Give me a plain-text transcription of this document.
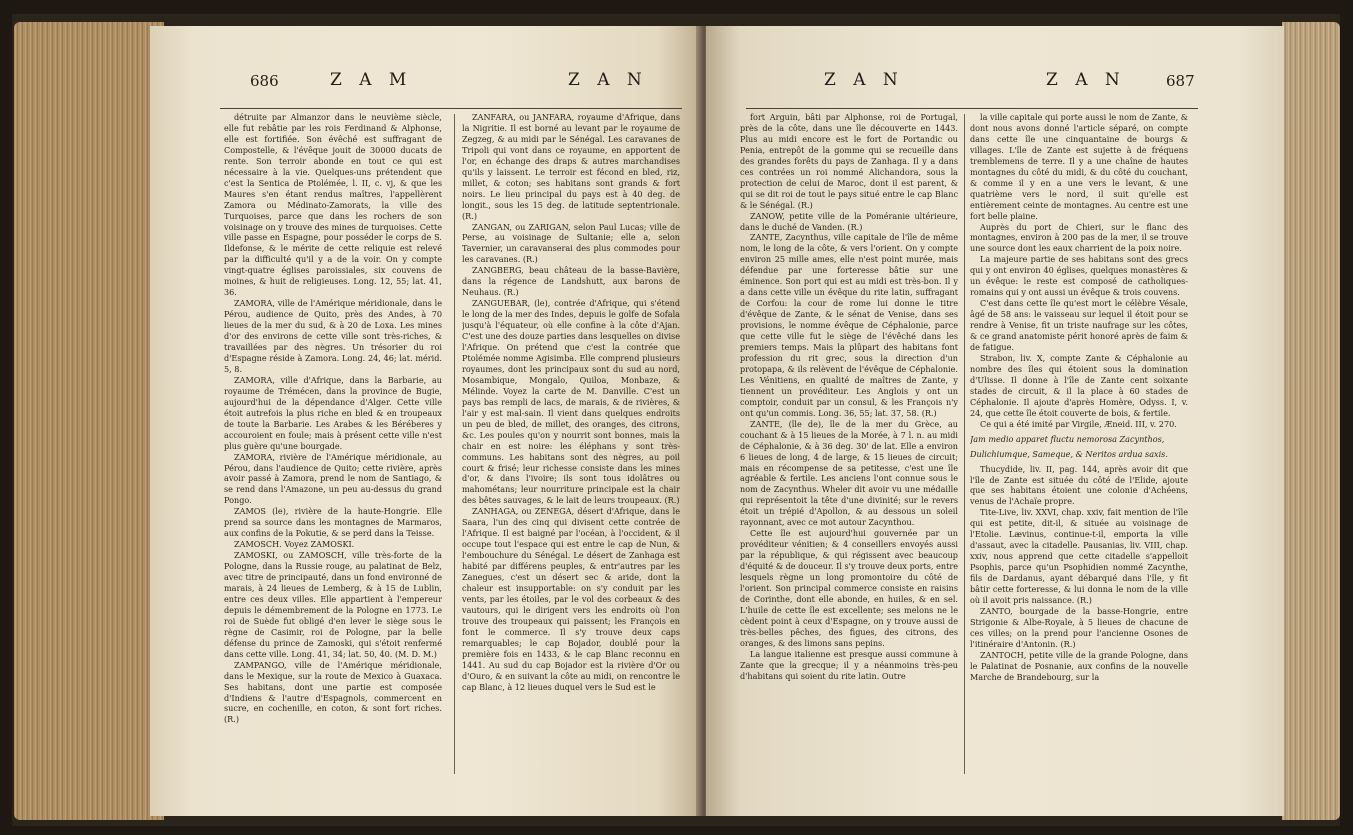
686	Z A M	Z A N

détruite par Almanzor dans le neuvième siècle, elle fut rebâtie par les rois Ferdinand & Alphonse, elle est fortifiée. Son évêché est suffragant de Compostelle, & l'évêque jouit de 30000 ducats de rente. Son terroir abonde en tout ce qui est nécessaire à la vie. Quelques-uns prétendent que c'est la Sentica de Ptolémée, l. II, c. vj, & que les Maures s'en étant rendus maîtres, l'appellèrent Zamora ou Médinato-Zamorats, la ville des Turquoises, parce que dans les rochers de son voisinage on y trouve des mines de turquoises. Cette ville passe en Espagne, pour posséder le corps de S. Ildefonse, & le mérite de cette reliquie est relevé par la difficulté qu'il y a de la voir. On y compte vingt-quatre églises paroissiales, six couvens de moines, & huit de religieuses. Long. 12, 55; lat. 41, 36.

ZAMORA, ville de l'Amérique méridionale, dans le Pérou, audience de Quito, près des Andes, à 70 lieues de la mer du sud, & à 20 de Loxa. Les mines d'or des environs de cette ville sont très-riches, & travaillées par des nègres. Un trésorier du roi d'Espagne réside à Zamora. Long. 24, 46; lat. mérid. 5, 8.

ZAMORA, ville d'Afrique, dans la Barbarie, au royaume de Trémécen, dans la province de Bugie, aujourd'hui de la dépendance d'Alger. Cette ville étoit autrefois la plus riche en bled & en troupeaux de toute la Barbarie. Les Arabes & les Béréberes y accouroient en foule; mais à présent cette ville n'est plus guère qu'une bourgade.

ZAMORA, rivière de l'Amérique méridionale, au Pérou, dans l'audience de Quito; cette rivière, après avoir passé à Zamora, prend le nom de Santiago, & se rend dans l'Amazone, un peu au-dessus du grand Pongo.

ZAMOS (le), rivière de la haute-Hongrie. Elle prend sa source dans les montagnes de Marmaros, aux confins de la Pokutie, & se perd dans la Teisse.

ZAMOSCH. Voyez ZAMOSKI.

ZAMOSKI, ou ZAMOSCH, ville très-forte de la Pologne, dans la Russie rouge, au palatinat de Belz, avec titre de principauté, dans un fond environné de marais, à 24 lieues de Lemberg, & à 15 de Lublin, entre ces deux villes. Elle appartient à l'empereur depuis le démembrement de la Pologne en 1773. Le roi de Suède fut obligé d'en lever le siège sous le règne de Casimir, roi de Pologne, par la belle défense du prince de Zamoski, qui s'étoit renfermé dans cette ville. Long. 41, 34; lat. 50, 40. (M. D. M.)

ZAMPANGO, ville de l'Amérique méridionale, dans le Mexique, sur la route de Mexico à Guaxaca. Ses habitans, dont une partie est composée d'Indiens & l'autre d'Espagnols, commercent en sucre, en cochenille, en coton, & sont fort riches. (R.)

ZANFARA, ou JANFARA, royaume d'Afrique, dans la Nigritie. Il est borné au levant par le royaume de Zegzeg, & au midi par le Sénégal. Les caravanes de Tripoli qui vont dans ce royaume, en apportent de l'or, en échange des draps & autres marchandises qu'ils y laissent. Le terroir est fécond en bled, riz, millet, & coton; ses habitans sont grands & fort noirs. Le lieu principal du pays est à 40 deg. de longit., sous les 15 deg. de latitude septentrionale. (R.)

ZANGAN, ou ZARIGAN, selon Paul Lucas; ville de Perse, au voisinage de Sultanie; elle a, selon Tavernier, un caravanserai des plus commodes pour les caravanes. (R.)

ZANGBERG, beau château de la basse-Bavière, dans la régence de Landshutt, aux barons de Neuhaus. (R.)

ZANGUEBAR, (le), contrée d'Afrique, qui s'étend le long de la mer des Indes, depuis le golfe de Sofala jusqu'à l'équateur, où elle confine à la côte d'Ajan. C'est une des douze parties dans lesquelles on divise l'Afrique. On prétend que c'est la contrée que Ptolémée nomme Agisimba. Elle comprend plusieurs royaumes, dont les principaux sont du sud au nord, Mosambique, Mongalo, Quiloa, Monbaze, & Mélinde. Voyez la carte de M. Danville. C'est un pays bas rempli de lacs, de marais, & de rivières, & l'air y est mal-sain. Il vient dans quelques endroits un peu de bled, de millet, des oranges, des citrons, &c. Les poules qu'on y nourrit sont bonnes, mais la chair en est noire: les éléphans y sont très-communs. Les habitans sont des nègres, au poil court & frisé; leur richesse consiste dans les mines d'or, & dans l'ivoire; ils sont tous idolâtres ou mahométans; leur nourriture principale est la chair des bêtes sauvages, & le lait de leurs troupeaux. (R.)

ZANHAGA, ou ZENEGA, désert d'Afrique, dans le Saara, l'un des cinq qui divisent cette contrée de l'Afrique. Il est baigné par l'océan, à l'occident, & il occupe tout l'espace qui est entre le cap de Nun, & l'embouchure du Sénégal. Le désert de Zanhaga est habité par différens peuples, & entr'autres par les Zanegues, c'est un désert sec & aride, dont la chaleur est insupportable: on s'y conduit par les vents, par les étoiles, par le vol des corbeaux & des vautours, qui le dirigent vers les endroits où l'on trouve des troupeaux qui paissent; les François en font le commerce. Il s'y trouve deux caps remarquables; le cap Bojador, doublé pour la première fois en 1433, & le cap Blanc reconnu en 1441. Au sud du cap Bojador est la rivière d'Or ou d'Ouro, & en suivant la côte au midi, on rencontre le cap Blanc, à 12 lieues duquel vers le Sud est le

Z A N	Z A N	687

fort Arguin, bâti par Alphonse, roi de Portugal, près de la côte, dans une île découverte en 1443. Plus au midi encore est le fort de Portandic ou Penia, entrepôt de la gomme qui se recueille dans des grandes forêts du pays de Zanhaga. Il y a dans ces contrées un roi nommé Alichandora, sous la protection de celui de Maroc, dont il est parent, & qui se dit roi de tout le pays situé entre le cap Blanc & le Sénégal. (R.)

ZANOW, petite ville de la Poméranie ultérieure, dans le duché de Vanden. (R.)

ZANTE, Zacynthus, ville capitale de l'île de même nom, le long de la côte, & vers l'orient. On y compte environ 25 mille ames, elle n'est point murée, mais défendue par une forteresse bâtie sur une éminence. Son port qui est au midi est très-bon. Il y a dans cette ville un évêque du rite latin, suffragant de Corfou: la cour de rome lui donne le titre d'évêque de Zante, & le sénat de Venise, dans ses provisions, le nomme évêque de Céphalonie, parce que cette ville fut le siège de l'évêché dans les premiers temps. Mais la plûpart des habitans font profession du rit grec, sous la direction d'un protopapa, & ils relèvent de l'évêque de Céphalonie. Les Vénitiens, en qualité de maîtres de Zante, y tiennent un provéditeur. Les Anglois y ont un comptoir, conduit par un consul, & les François n'y ont qu'un commis. Long. 36, 55; lat. 37, 58. (R.)

ZANTE, (île de), île de la mer du Grèce, au couchant & à 15 lieues de la Morée, à 7 l. n. au midi de Céphalonie, & à 36 deg. 30' de lat. Elle a environ 6 lieues de long, 4 de large, & 15 lieues de circuit; mais en récompense de sa petitesse, c'est une île agréable & fertile. Les anciens l'ont connue sous le nom de Zacynthus. Wheler dit avoir vu une médaille qui représentoit la tête d'une divinité; sur le revers étoit un trépié d'Apollon, & au dessous un soleil rayonnant, avec ce mot autour Zacynthou.

Cette île est aujourd'hui gouvernée par un provéditeur vénitien; & 4 conseillers envoyés aussi par la république, & qui régissent avec beaucoup d'équité & de douceur. Il s'y trouve deux ports, entre lesquels règne un long promontoire du côté de l'orient. Son principal commerce consiste en raisins de Corinthe, dont elle abonde, en huiles, & en sel. L'huile de cette île est excellente; ses melons ne le cèdent point à ceux d'Espagne, on y trouve aussi de très-belles pêches, des figues, des citrons, des oranges, & des limons sans pepins.

La langue italienne est presque aussi commune à Zante que la grecque; il y a néanmoins très-peu d'habitans qui soient du rite latin. Outre

la ville capitale qui porte aussi le nom de Zante, & dont nous avons donné l'article séparé, on compte dans cette île une cinquantaine de bourgs & villages. L'île de Zante est sujette à de fréquens tremblemens de terre. Il y a une chaîne de hautes montagnes du côté du midi, & du côté du couchant, & comme il y en a une vers le levant, & une quatrième vers le nord, il suit qu'elle est entièrement ceinte de montagnes. Au centre est une fort belle plaine.

Auprès du port de Chieri, sur le flanc des montagnes, environ à 200 pas de la mer, il se trouve une source dont les eaux charrient de la poix noire.

La majeure partie de ses habitans sont des grecs qui y ont environ 40 églises, quelques monastères & un évêque: le reste est composé de catholiques-romains qui y ont aussi un évêque & trois couvens.

C'est dans cette île qu'est mort le célèbre Vésale, âgé de 58 ans: le vaisseau sur lequel il étoit pour se rendre à Venise, fit un triste naufrage sur les côtes, & ce grand anatomiste périt honoré après de faim & de fatigue.

Strabon, liv. X, compte Zante & Céphalonie au nombre des îles qui étoient sous la domination d'Ulisse. Il donne à l'île de Zante cent soixante stades de circuit, & il la place à 60 stades de Céphalonie. Il ajoute d'après Homère, Odyss. I, v. 24, que cette île étoit couverte de bois, & fertile.

Ce qui a été imité par Virgile, Æneid. III, v. 270.

Jam medio apparet fluctu nemorosa Zacynthos,

Dulichiumque, Sameque, & Neritos ardua saxis.

Thucydide, liv. II, pag. 144, après avoir dit que l'île de Zante est située du côté de l'Elide, ajoute que ses habitans étoient une colonie d'Achéens, venus de l'Achaïe propre.

Tite-Live, liv. XXVI, chap. xxiv, fait mention de l'île qui est petite, dit-il, & située au voisinage de l'Etolie. Lævinus, continue-t-il, emporta la ville d'assaut, avec la citadelle. Pausanias, liv. VIII, chap. xxiv, nous apprend que cette citadelle s'appelloit Psophis, parce qu'un Psophidien nommé Zacynthe, fils de Dardanus, ayant débarqué dans l'île, y fit bâtir cette forteresse, & lui donna le nom de la ville où il avoit pris naissance. (R.)

ZANTO, bourgade de la basse-Hongrie, entre Strigonie & Albe-Royale, à 5 lieues de chacune de ces villes; on la prend pour l'ancienne Osones de l'itinéraire d'Antonin. (R.)

ZANTOCH, petite ville de la grande Pologne, dans le Palatinat de Posnanie, aux confins de la nouvelle Marche de Brandebourg, sur la
